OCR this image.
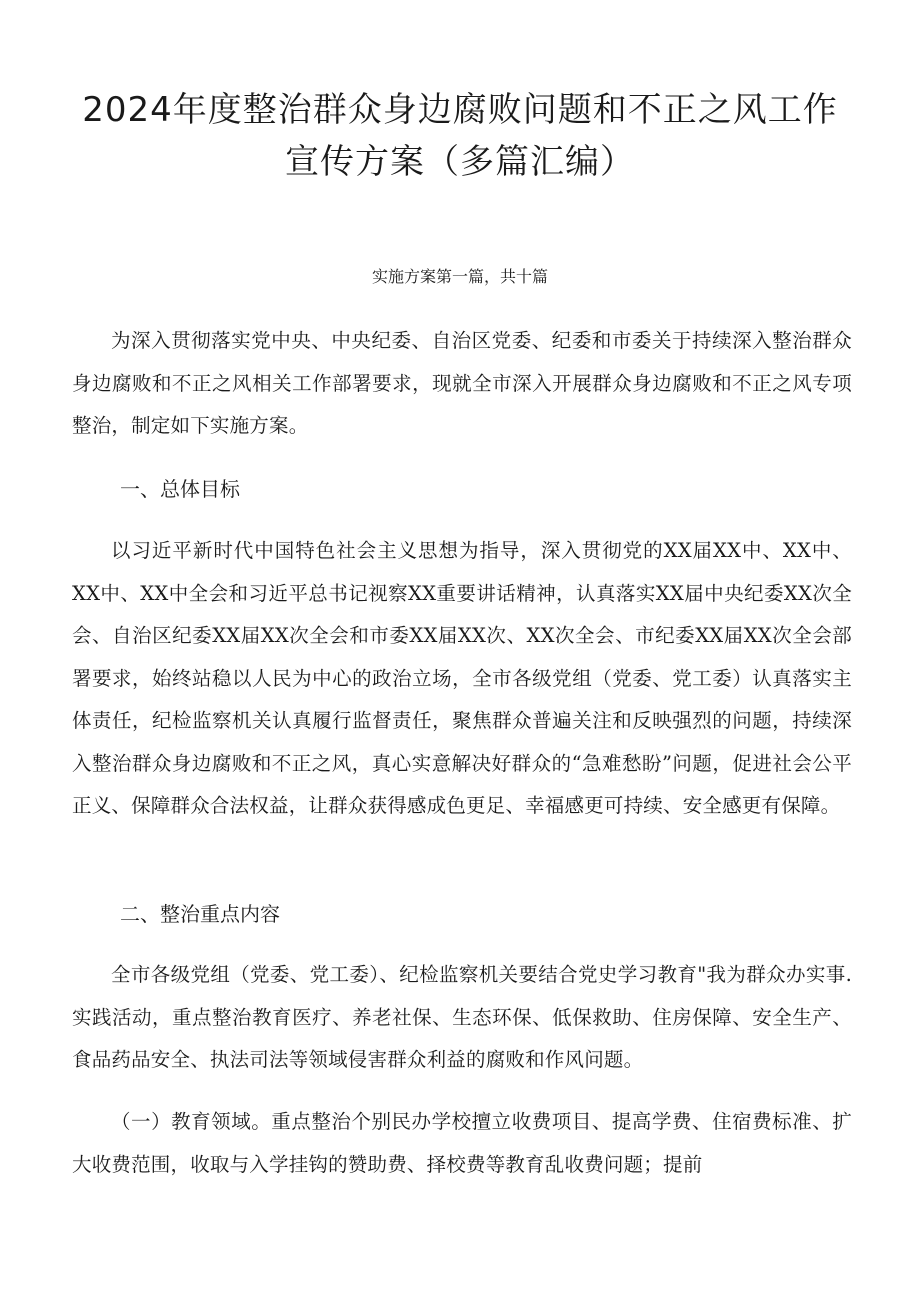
2024年度整治群众身边腐败问题和不正之风工作宣传方案（多篇汇编）

实施方案第一篇，共十篇

为深入贯彻落实党中央、中央纪委、自治区党委、纪委和市委关于持续深入整治群众身边腐败和不正之风相关工作部署要求，现就全市深入开展群众身边腐败和不正之风专项整治，制定如下实施方案。

一、总体目标

以习近平新时代中国特色社会主义思想为指导，深入贯彻党的XX届XX中、XX中、XX中、XX中全会和习近平总书记视察XX重要讲话精神，认真落实XX届中央纪委XX次全会、自治区纪委XX届XX次全会和市委XX届XX次、XX次全会、市纪委XX届XX次全会部署要求，始终站稳以人民为中心的政治立场，全市各级党组（党委、党工委）认真落实主体责任，纪检监察机关认真履行监督责任，聚焦群众普遍关注和反映强烈的问题，持续深入整治群众身边腐败和不正之风，真心实意解决好群众的“急难愁盼”问题，促进社会公平正义、保障群众合法权益，让群众获得感成色更足、幸福感更可持续、安全感更有保障。

二、整治重点内容

全市各级党组（党委、党工委）、纪检监察机关要结合党史学习教育"我为群众办实事.实践活动，重点整治教育医疗、养老社保、生态环保、低保救助、住房保障、安全生产、食品药品安全、执法司法等领域侵害群众利益的腐败和作风问题。

（一）教育领域。重点整治个别民办学校擅立收费项目、提高学费、住宿费标准、扩大收费范围，收取与入学挂钩的赞助费、择校费等教育乱收费问题；提前
